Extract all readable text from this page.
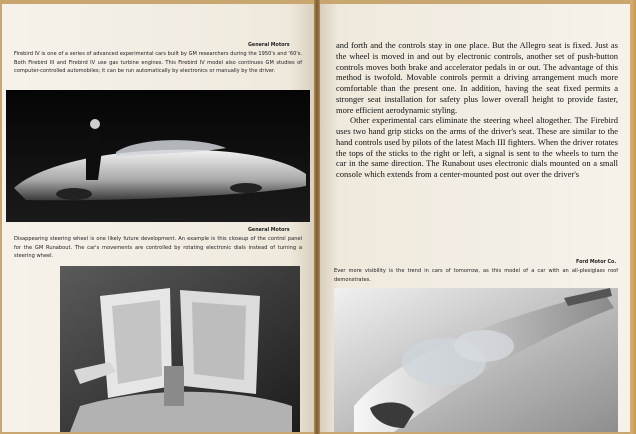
General Motors
Firebird IV is one of a series of advanced experimental cars built by GM researchers during the 1950's and '60's. Both Firebird III and Firebird IV use gas turbine engines. This Firebird IV model also continues GM studies of computer-controlled automobiles; it can be run automatically by electronics or manually by the driver.
General Motors
Disappearing steering wheel is one likely future development. An example is this closeup of the control panel for the GM Runabout. The car's movements are controlled by rotating electronic dials instead of turning a steering wheel.

and forth and the controls stay in one place. But the Allegro seat is fixed. Just as the wheel is moved in and out by electronic controls, another set of push-button controls moves both brake and accelerator pedals in or out. The advantage of this method is twofold. Movable controls permit a driving arrangement much more comfortable than the present one. In addition, having the seat fixed permits a stronger seat installation for safety plus lower overall height to provide faster, more efficient aerodynamic styling.

Other experimental cars eliminate the steering wheel altogether. The Firebird uses two hand grip sticks on the arms of the driver's seat. These are similar to the hand controls used by pilots of the latest Mach III fighters. When the driver rotates the tops of the sticks to the right or left, a signal is sent to the wheels to turn the car in the same direction. The Runabout uses electronic dials mounted on a small console which extends from a center-mounted post out over the driver's

Ford Motor Co.
Ever more visibility is the trend in cars of tomorrow, as this model of a car with an all-plexiglass roof demonstrates.
